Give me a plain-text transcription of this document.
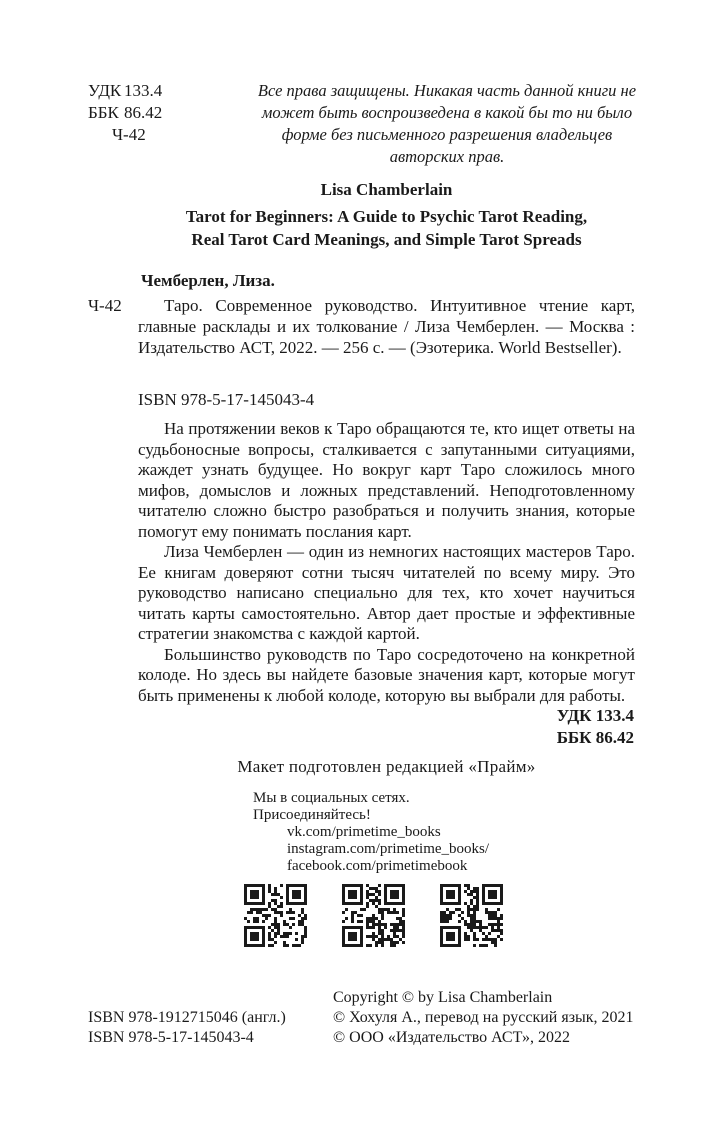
УДК 133.4
ББК 86.42
Ч-42
Все права защищены. Никакая часть данной книги не может быть воспроизведена в какой бы то ни было форме без письменного разрешения владельцев авторских прав.
Lisa Chamberlain
Tarot for Beginners: A Guide to Psychic Tarot Reading,
Real Tarot Card Meanings, and Simple Tarot Spreads
Чемберлен, Лиза.
Ч-42	Таро. Современное руководство. Интуитивное чтение карт, главные расклады и их толкование / Лиза Чемберлен. — Москва : Издательство АСТ, 2022. — 256 с. — (Эзотерика. World Bestseller).
ISBN 978-5-17-145043-4

На протяжении веков к Таро обращаются те, кто ищет ответы на судьбоносные вопросы, сталкивается с запутанными ситуациями, жаждет узнать будущее. Но вокруг карт Таро сложилось много мифов, домыслов и ложных представлений. Неподготовленному читателю сложно быстро разобраться и получить знания, которые помогут ему понимать послания карт.

Лиза Чемберлен — один из немногих настоящих мастеров Таро. Ее книгам доверяют сотни тысяч читателей по всему миру. Это руководство написано специально для тех, кто хочет научиться читать карты самостоятельно. Автор дает простые и эффективные стратегии знакомства с каждой картой.

Большинство руководств по Таро сосредоточено на конкретной колоде. Но здесь вы найдете базовые значения карт, которые могут быть применены к любой колоде, которую вы выбрали для работы.

УДК 133.4
ББК 86.42
Макет подготовлен редакцией «Прайм»
Мы в социальных сетях.
Присоединяйтесь!
vk.com/primetime_books
instagram.com/primetime_books/
facebook.com/primetimebook
ISBN 978-1912715046 (англ.)
ISBN 978-5-17-145043-4
Copyright © by Lisa Chamberlain
© Хохуля А., перевод на русский язык, 2021
© ООО «Издательство АСТ», 2022
